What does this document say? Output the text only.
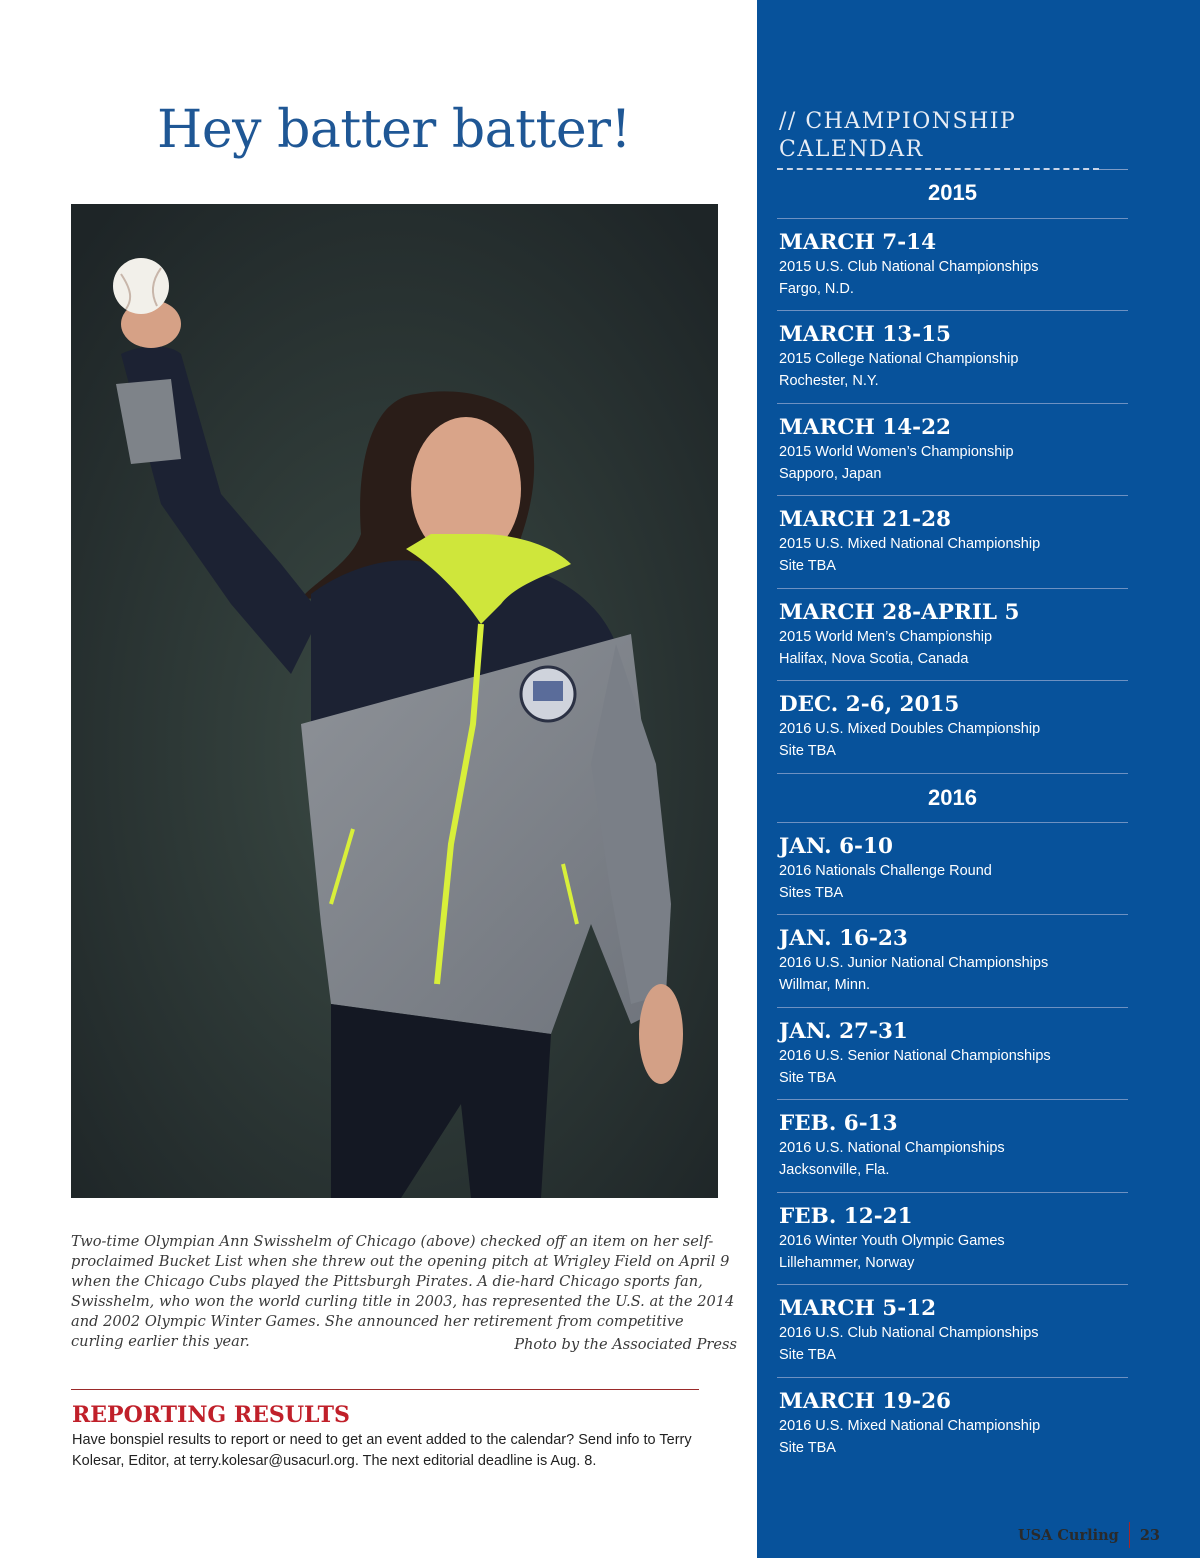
Hey batter batter!

Two-time Olympian Ann Swisshelm of Chicago (above) checked off an item on her self-proclaimed Bucket List when she threw out the opening pitch at Wrigley Field on April 9 when the Chicago Cubs played the Pittsburgh Pirates. A die-hard Chicago sports fan, Swisshelm, who won the world curling title in 2003, has represented the U.S. at the 2014 and 2002 Olympic Winter Games. She announced her retirement from competitive curling earlier this year.	Photo by the Associated Press
REPORTING RESULTS

Have bonspiel results to report or need to get an event added to the calendar? Send info to Terry Kolesar, Editor, at terry.kolesar@usacurl.org. The next editorial deadline is Aug. 8.

// CHAMPIONSHIP
CALENDAR
2015
MARCH 7-14
2015 U.S. Club National Championships
Fargo, N.D.
MARCH 13-15
2015 College National Championship
Rochester, N.Y.
MARCH 14-22
2015 World Women’s Championship
Sapporo, Japan
MARCH 21-28
2015 U.S. Mixed National Championship
Site TBA
MARCH 28-APRIL 5
2015 World Men’s Championship
Halifax, Nova Scotia, Canada
DEC. 2-6, 2015
2016 U.S. Mixed Doubles Championship
Site TBA
2016
JAN. 6-10
2016 Nationals Challenge Round
Sites TBA
JAN. 16-23
2016 U.S. Junior National Championships
Willmar, Minn.
JAN. 27-31
2016 U.S. Senior National Championships
Site TBA
FEB. 6-13
2016 U.S. National Championships
Jacksonville, Fla.
FEB. 12-21
2016 Winter Youth Olympic Games
Lillehammer, Norway
MARCH 5-12
2016 U.S. Club National Championships
Site TBA
MARCH 19-26
2016 U.S. Mixed National Championship
Site TBA
USA Curling 23
